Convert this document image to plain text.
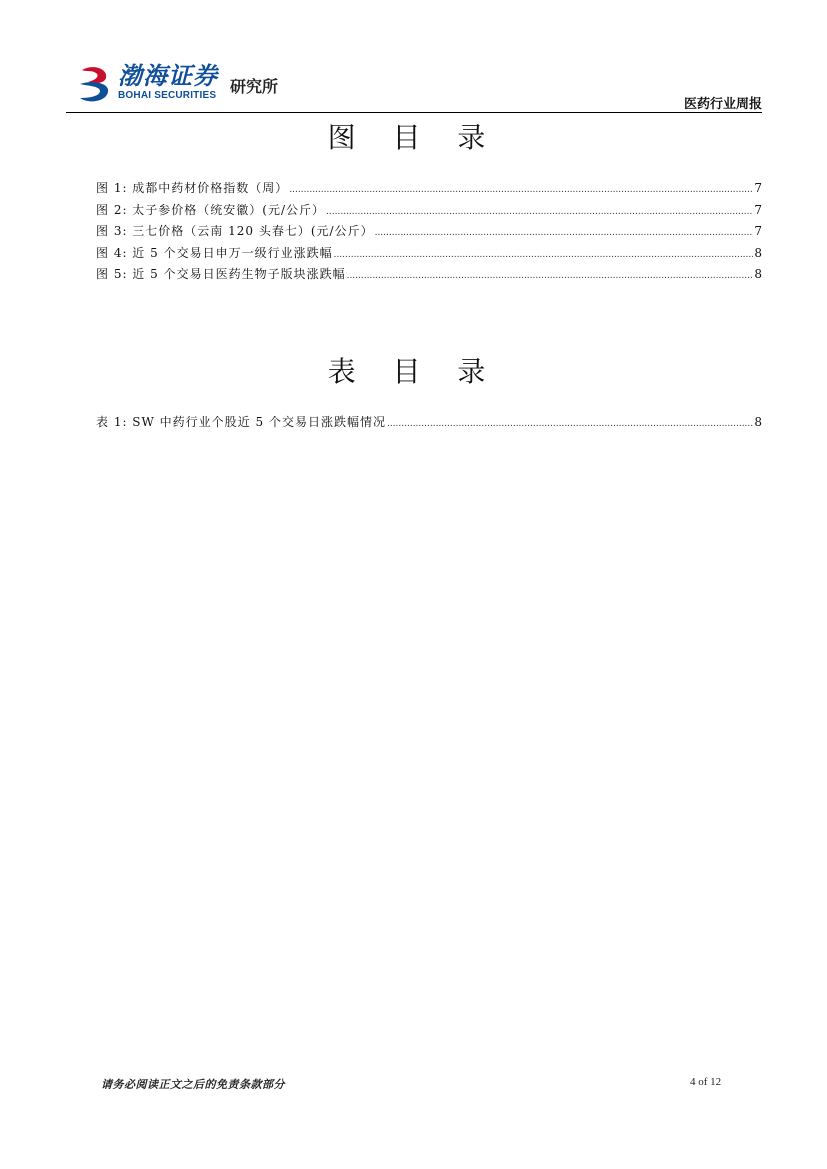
渤海证券
BOHAI SECURITIES 研究所
医药行业周报
图 目 录
图 1: 成都中药材价格指数（周） .....	7
图 2: 太子参价格（统安徽）(元/公斤） .....	7
图 3: 三七价格（云南 120 头春七）(元/公斤） .....	7
图 4: 近 5 个交易日申万一级行业涨跌幅 .....	8
图 5: 近 5 个交易日医药生物子版块涨跌幅 .....	8
表 目 录
表 1: SW 中药行业个股近 5 个交易日涨跌幅情况 .....	8
请务必阅读正文之后的免责条款部分	4 of 12
